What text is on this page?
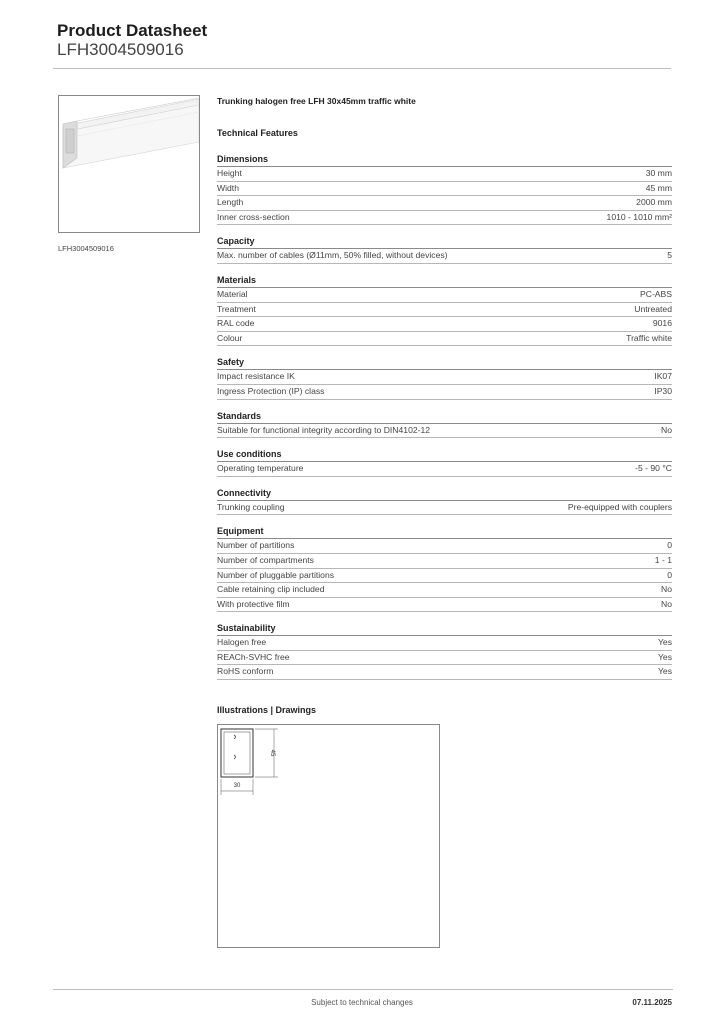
Product Datasheet
LFH3004509016
LFH3004509016
Trunking halogen free LFH 30x45mm traffic white
Technical Features
Dimensions
Height	30 mm
Width	45 mm
Length	2000 mm
Inner cross-section	1010 - 1010 mm²
Capacity
Max. number of cables (Ø11mm, 50% filled, without devices)	5
Materials
Material	PC-ABS
Treatment	Untreated
RAL code	9016
Colour	Traffic white
Safety
Impact resistance IK	IK07
Ingress Protection (IP) class	IP30
Standards
Suitable for functional integrity according to DIN4102-12	No
Use conditions
Operating temperature	-5 - 90 °C
Connectivity
Trunking coupling	Pre-equipped with couplers
Equipment
Number of partitions	0
Number of compartments	1 - 1
Number of pluggable partitions	0
Cable retaining clip included	No
With protective film	No
Sustainability
Halogen free	Yes
REACh-SVHC free	Yes
RoHS conform	Yes
Illustrations | Drawings
30
45
Subject to technical changes	07.11.2025
